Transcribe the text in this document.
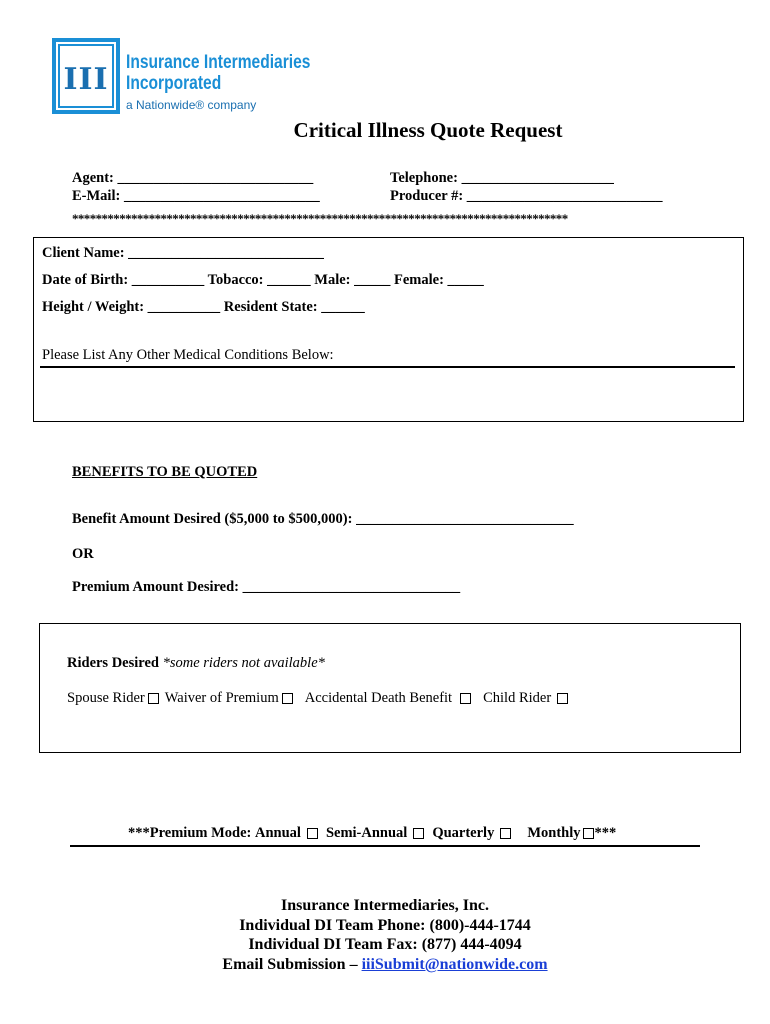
III Insurance Intermediaries
Incorporated
a Nationwide® company
Critical Illness Quote Request
Agent: ___________________________
E-Mail: ___________________________
Telephone: _____________________
Producer #: ___________________________
************************************************************************************
Client Name: ___________________________
Date of Birth: __________ Tobacco: ______ Male: _____ Female: _____
Height / Weight: __________ Resident State: ______
Please List Any Other Medical Conditions Below:
BENEFITS TO BE QUOTED
Benefit Amount Desired ($5,000 to $500,000): ______________________________
OR
Premium Amount Desired: ______________________________
Riders Desired *some riders not available*
Spouse Rider Waiver of Premium Accidental Death Benefit Child Rider
***Premium Mode: Annual Semi-Annual Quarterly Monthly ***
Insurance Intermediaries, Inc.
Individual DI Team Phone: (800)-444-1744
Individual DI Team Fax: (877) 444-4094
Email Submission – iiiSubmit@nationwide.com
